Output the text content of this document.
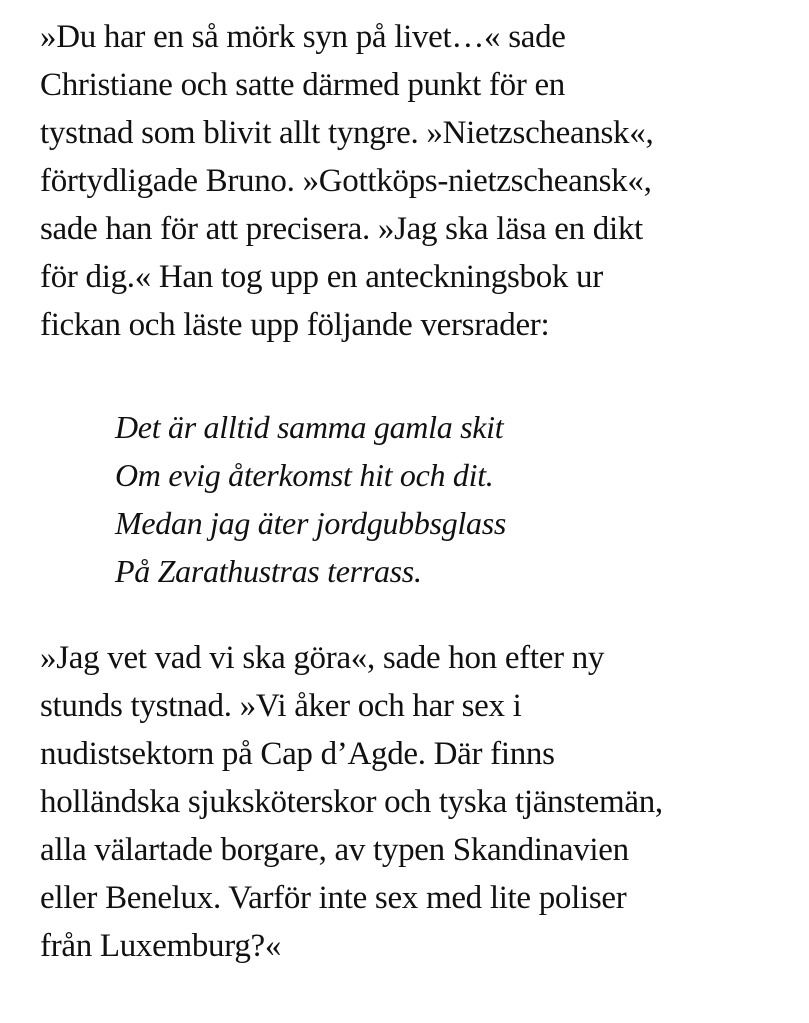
»Du har en så mörk syn på livet…« sade
Christiane och satte därmed punkt för en
tystnad som blivit allt tyngre. »Nietzscheansk«,
förtydligade Bruno. »Gottköps-nietzscheansk«,
sade han för att precisera. »Jag ska läsa en dikt
för dig.« Han tog upp en anteckningsbok ur
fickan och läste upp följande versrader:
Det är alltid samma gamla skit
Om evig återkomst hit och dit.
Medan jag äter jordgubbsglass
På Zarathustras terrass.
»Jag vet vad vi ska göra«, sade hon efter ny
stunds tystnad. »Vi åker och har sex i
nudistsektorn på Cap d’Agde. Där finns
holländska sjuksköterskor och tyska tjänstemän,
alla välartade borgare, av typen Skandinavien
eller Benelux. Varför inte sex med lite poliser
från Luxemburg?«
